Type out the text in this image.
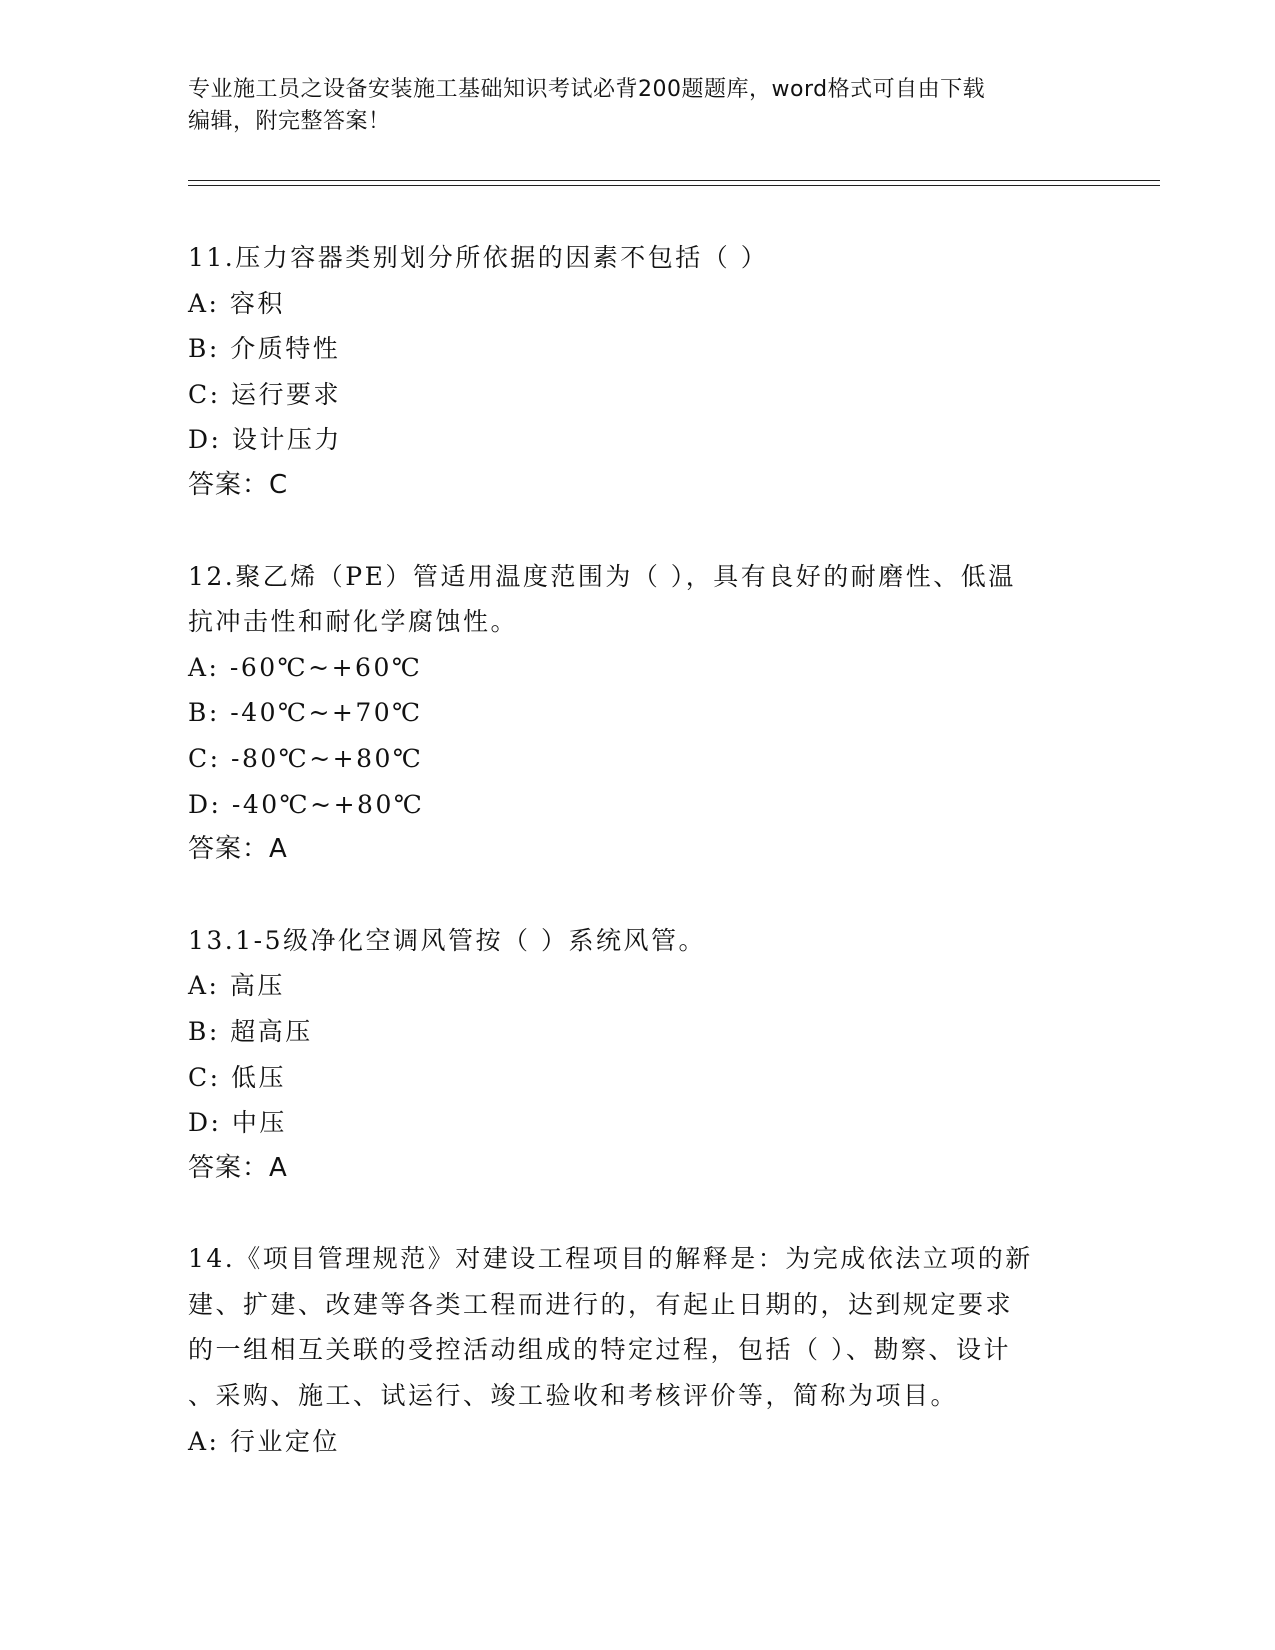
专业施工员之设备安装施工基础知识考试必背200题题库，word格式可自由下载
编辑，附完整答案！
11.压力容器类别划分所依据的因素不包括（ ）
A: 容积
B: 介质特性
C: 运行要求
D: 设计压力
答案：C
12.聚乙烯（PE）管适用温度范围为（ ），具有良好的耐磨性、低温
抗冲击性和耐化学腐蚀性。
A: -60℃~+60℃
B: -40℃~+70℃
C: -80℃~+80℃
D: -40℃~+80℃
答案：A
13.1-5级净化空调风管按（ ）系统风管。
A: 高压
B: 超高压
C: 低压
D: 中压
答案：A
14.《项目管理规范》对建设工程项目的解释是：为完成依法立项的新
建、扩建、改建等各类工程而进行的，有起止日期的，达到规定要求
的一组相互关联的受控活动组成的特定过程，包括（ ）、勘察、设计
、采购、施工、试运行、竣工验收和考核评价等，简称为项目。
A: 行业定位
